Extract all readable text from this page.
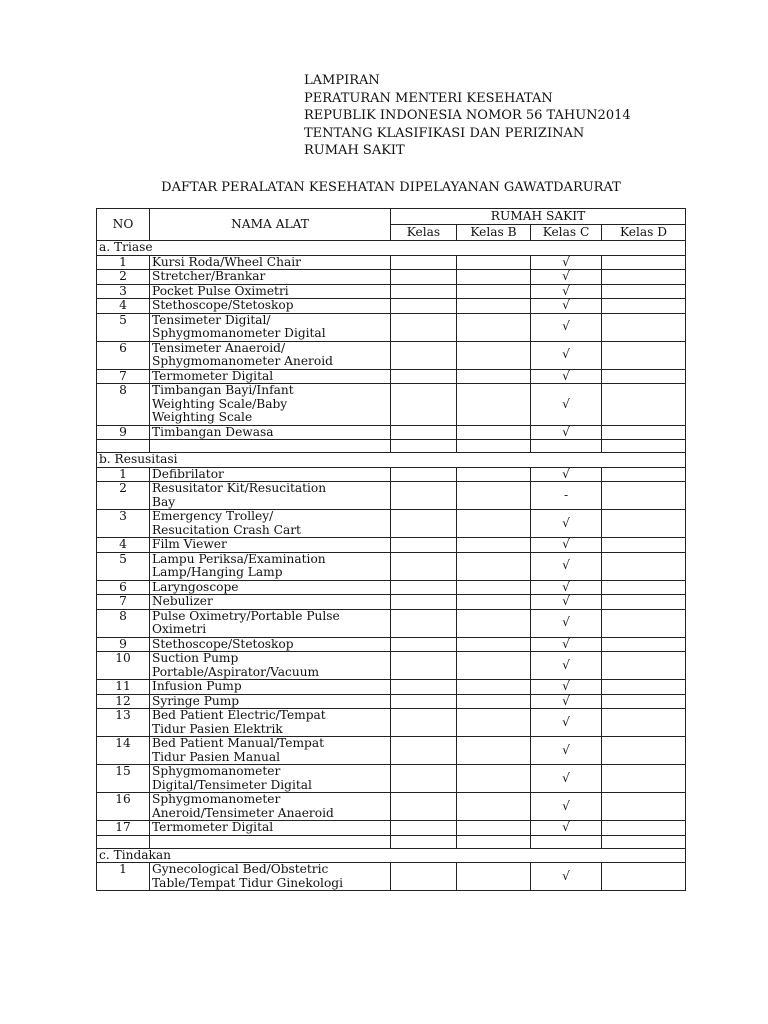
LAMPIRAN
PERATURAN MENTERI KESEHATAN
REPUBLIK INDONESIA NOMOR 56 TAHUN2014
TENTANG KLASIFIKASI DAN PERIZINAN
RUMAH SAKIT
DAFTAR PERALATAN KESEHATAN DIPELAYANAN GAWATDARURAT
NO	NAMA ALAT	RUMAH SAKIT			
		Kelas	Kelas B	Kelas C	Kelas D
a. Triase					
1	Kursi Roda/Wheel Chair			√	
2	Stretcher/Brankar			√	
3	Pocket Pulse Oximetri			√	
4	Stethoscope/Stetoskop			√	
5	Tensimeter Digital/
Sphygmomanometer Digital			√	
6	Tensimeter Anaeroid/
Sphygmomanometer Aneroid			√	
7	Termometer Digital			√	
8	Timbangan Bayi/Infant
Weighting Scale/Baby
Weighting Scale			√	
9	Timbangan Dewasa			√	

b. Resusitasi					
1	Defibrilator			√	
2	Resusitator Kit/Resucitation
Bay			-	
3	Emergency Trolley/
Resucitation Crash Cart			√	
4	Film Viewer			√	
5	Lampu Periksa/Examination
Lamp/Hanging Lamp			√	
6	Laryngoscope			√	
7	Nebulizer			√	
8	Pulse Oximetry/Portable Pulse
Oximetri			√	
9	Stethoscope/Stetoskop			√	
10	Suction Pump
Portable/Aspirator/Vacuum			√	
11	Infusion Pump			√	
12	Syringe Pump			√	
13	Bed Patient Electric/Tempat
Tidur Pasien Elektrik			√	
14	Bed Patient Manual/Tempat
Tidur Pasien Manual			√	
15	Sphygmomanometer
Digital/Tensimeter Digital			√	
16	Sphygmomanometer
Aneroid/Tensimeter Anaeroid			√	
17	Termometer Digital			√	

c. Tindakan					
1	Gynecological Bed/Obstetric
Table/Tempat Tidur Ginekologi			√	
